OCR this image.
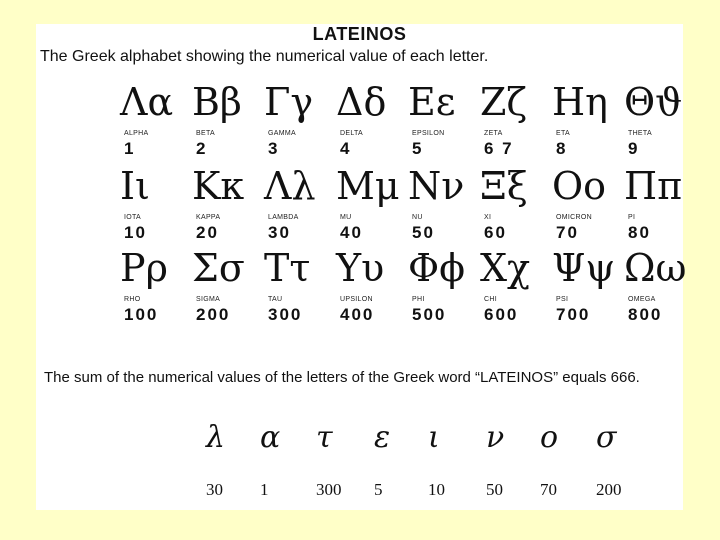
LATEINOS
The Greek alphabet showing the numerical value of each letter.
Λα
ALPHA
1
Ββ
BETA
2
Γγ
GAMMA
3
Δδ
DELTA
4
Εε
EPSILON
5
Ζζ
ZETA
6 7
Ηη
ETA
8
Θϑ
THETA
9
Ιι
IOTA
10
Κκ
KAPPA
20
Λλ
LAMBDA
30
Μμ
MU
40
Νν
NU
50
Ξξ
XI
60
Οο
OMICRON
70
Ππ
PI
80
Ρρ
RHO
100
Σσ
SIGMA
200
Ττ
TAU
300
Υυ
UPSILON
400
Φϕ
PHI
500
Χχ
CHI
600
Ψψ
PSI
700
Ωω
OMEGA
800
The sum of the numerical values of the letters of the Greek word “LATEINOS” equals 666.
λ
30
α
1
τ
300
ε
5
ι
10
ν
50
ο
70
σ
200
